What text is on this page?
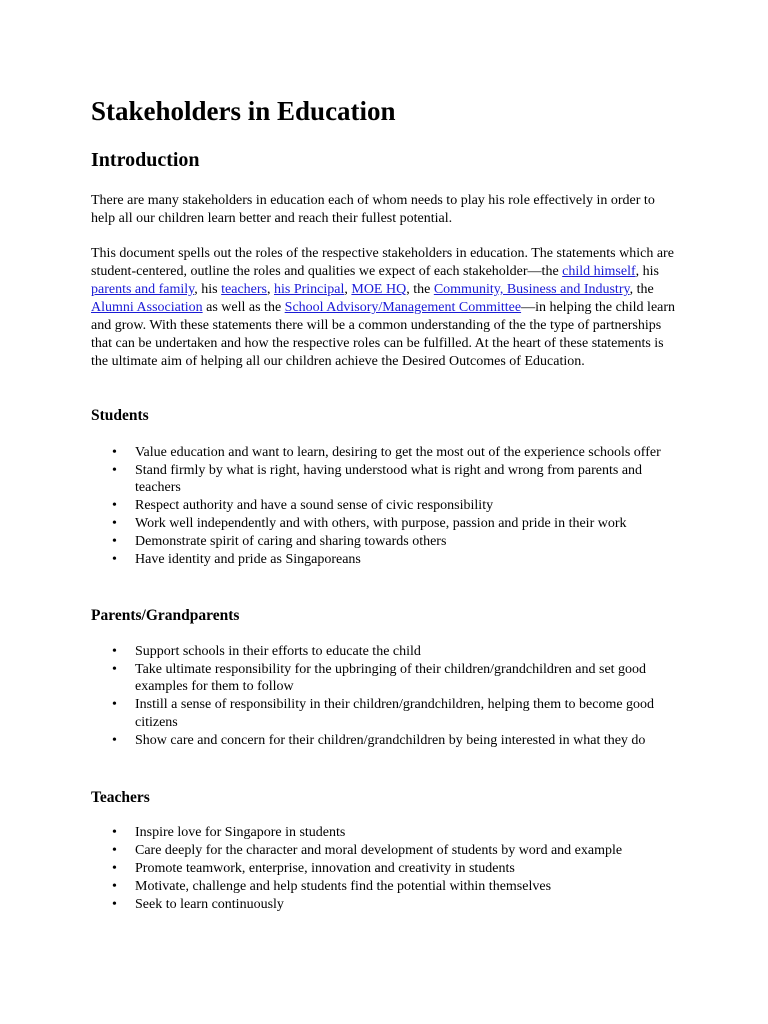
Stakeholders in Education
Introduction

There are many stakeholders in education each of whom needs to play his role effectively in order to help all our children learn better and reach their fullest potential.

This document spells out the roles of the respective stakeholders in education. The statements which are student-centered, outline the roles and qualities we expect of each stakeholder—the child himself, his parents and family, his teachers, his Principal, MOE HQ, the Community, Business and Industry, the Alumni Association as well as the School Advisory/Management Committee—in helping the child learn and grow. With these statements there will be a common understanding of the the type of partnerships that can be undertaken and how the respective roles can be fulfilled. At the heart of these statements is the ultimate aim of helping all our children achieve the Desired Outcomes of Education.

Students
• Value education and want to learn, desiring to get the most out of the experience schools offer
• Stand firmly by what is right, having understood what is right and wrong from parents and teachers
• Respect authority and have a sound sense of civic responsibility
• Work well independently and with others, with purpose, passion and pride in their work
• Demonstrate spirit of caring and sharing towards others
• Have identity and pride as Singaporeans
Parents/Grandparents
• Support schools in their efforts to educate the child
• Take ultimate responsibility for the upbringing of their children/grandchildren and set good examples for them to follow
• Instill a sense of responsibility in their children/grandchildren, helping them to become good citizens
• Show care and concern for their children/grandchildren by being interested in what they do
Teachers
• Inspire love for Singapore in students
• Care deeply for the character and moral development of students by word and example
• Promote teamwork, enterprise, innovation and creativity in students
• Motivate, challenge and help students find the potential within themselves
• Seek to learn continuously
